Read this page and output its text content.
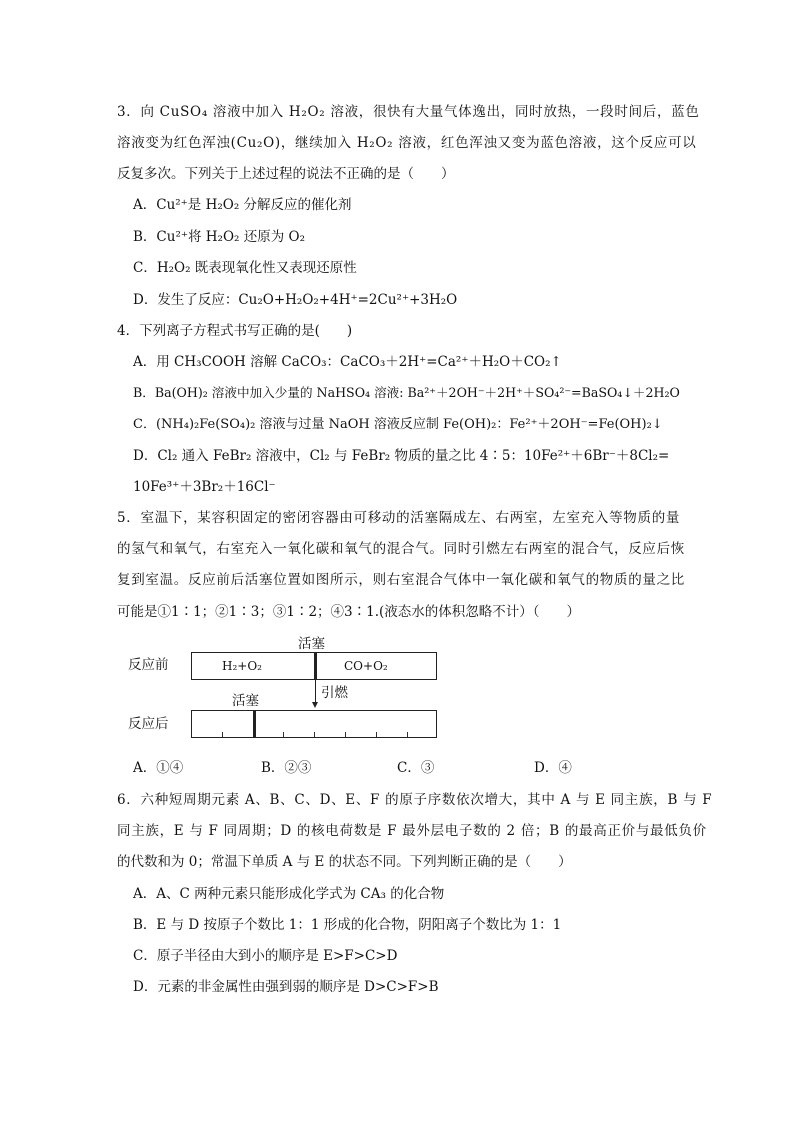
3．向 CuSO₄ 溶液中加入 H₂O₂ 溶液，很快有大量气体逸出，同时放热，一段时间后，蓝色
溶液变为红色浑浊(Cu₂O)，继续加入 H₂O₂ 溶液，红色浑浊又变为蓝色溶液，这个反应可以
反复多次。下列关于上述过程的说法不正确的是（　　）
A．Cu²⁺是 H₂O₂ 分解反应的催化剂
B．Cu²⁺将 H₂O₂ 还原为 O₂
C．H₂O₂ 既表现氧化性又表现还原性
D．发生了反应：Cu₂O+H₂O₂+4H⁺=2Cu²⁺+3H₂O
4．下列离子方程式书写正确的是(　　)
A．用 CH₃COOH 溶解 CaCO₃：CaCO₃＋2H⁺=Ca²⁺＋H₂O＋CO₂↑
B．Ba(OH)₂ 溶液中加入少量的 NaHSO₄ 溶液: Ba²⁺＋2OH⁻＋2H⁺＋SO₄²⁻=BaSO₄↓＋2H₂O
C．(NH₄)₂Fe(SO₄)₂ 溶液与过量 NaOH 溶液反应制 Fe(OH)₂：Fe²⁺＋2OH⁻=Fe(OH)₂↓
D．Cl₂ 通入 FeBr₂ 溶液中，Cl₂ 与 FeBr₂ 物质的量之比 4∶5：10Fe²⁺＋6Br⁻＋8Cl₂=
10Fe³⁺＋3Br₂＋16Cl⁻
5．室温下，某容积固定的密闭容器由可移动的活塞隔成左、右两室，左室充入等物质的量
的氢气和氧气，右室充入一氧化碳和氧气的混合气。同时引燃左右两室的混合气，反应后恢
复到室温。反应前后活塞位置如图所示，则右室混合气体中一氧化碳和氧气的物质的量之比
可能是①1∶1；②1∶3；③1∶2；④3∶1.(液态水的体积忽略不计）（　　）
活塞
反应前	H₂+O₂	CO+O₂
引燃
活塞
反应后
A．①④	B．②③	C．③	D．④
6．六种短周期元素 A、B、C、D、E、F 的原子序数依次增大，其中 A 与 E 同主族，B 与 F
同主族，E 与 F 同周期；D 的核电荷数是 F 最外层电子数的 2 倍；B 的最高正价与最低负价
的代数和为 0；常温下单质 A 与 E 的状态不同。下列判断正确的是（　　）
A．A、C 两种元素只能形成化学式为 CA₃ 的化合物
B．E 与 D 按原子个数比 1：1 形成的化合物，阴阳离子个数比为 1：1
C．原子半径由大到小的顺序是 E>F>C>D
D．元素的非金属性由强到弱的顺序是 D>C>F>B
